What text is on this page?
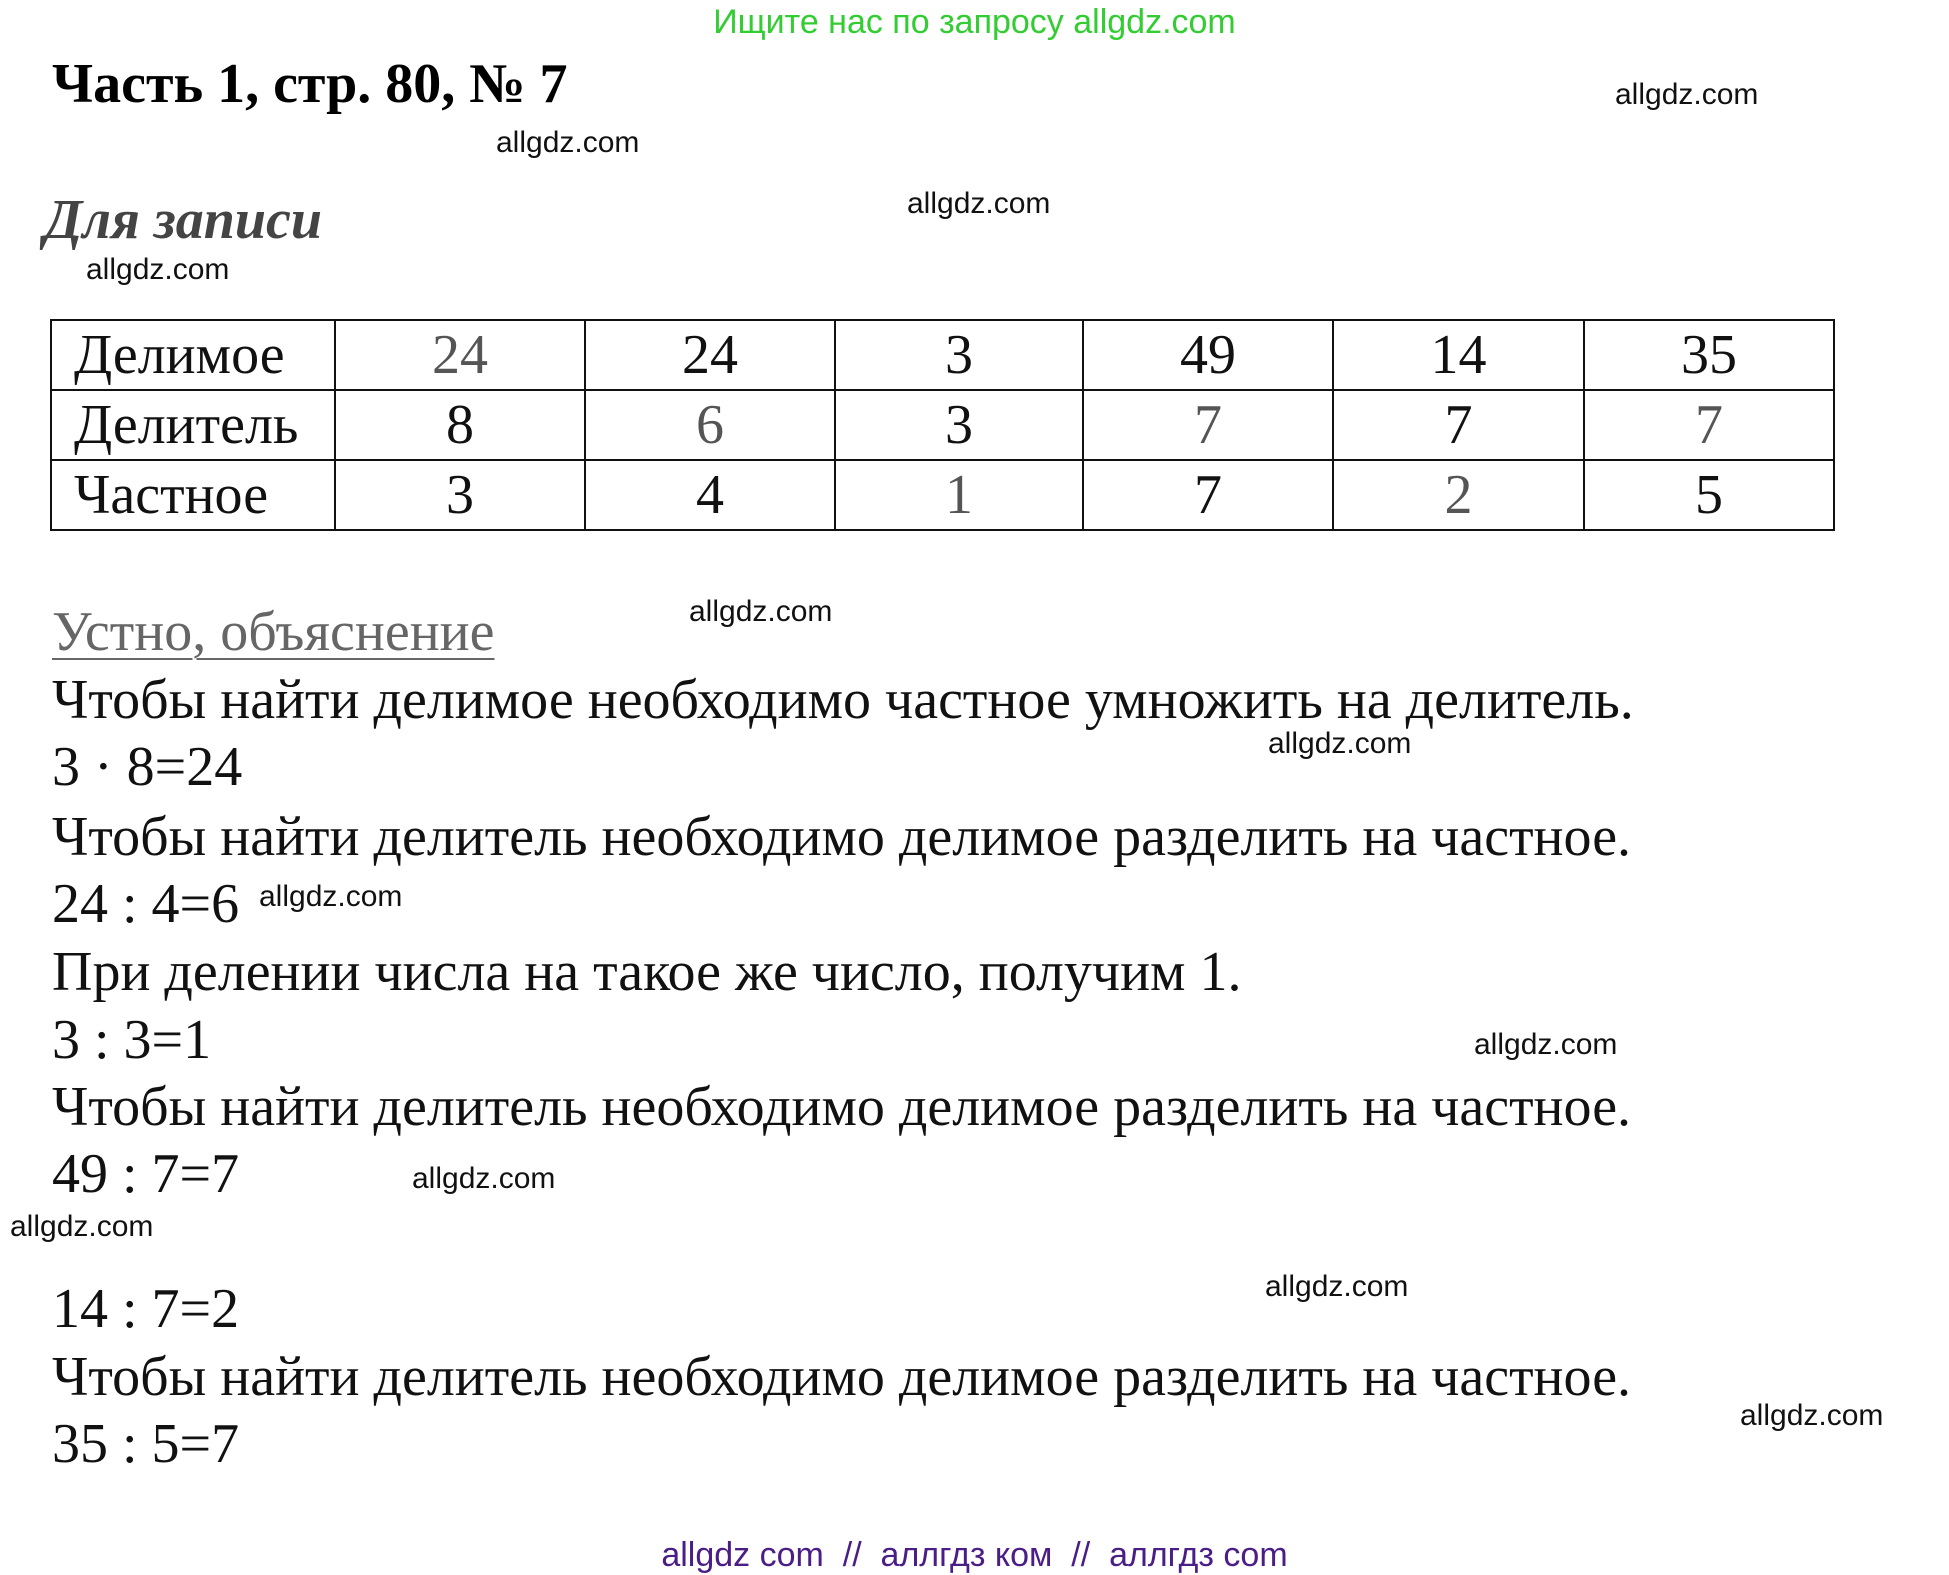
Ищите нас по запросу allgdz.com
Часть 1, стр. 80, № 7
Для записи
allgdz.com
allgdz.com
allgdz.com
allgdz.com
allgdz.com
allgdz.com
allgdz.com
allgdz.com
allgdz.com
allgdz.com
allgdz.com
allgdz.com
Делимое	24	24	3	49	14	35
Делитель	8	6	3	7	7	7
Частное	3	4	1	7	2	5
Устно, объяснение
Чтобы найти делимое необходимо частное умножить на делитель.
3 · 8=24
Чтобы найти делитель необходимо делимое разделить на частное.
24 : 4=6
При делении числа на такое же число, получим 1.
3 : 3=1
Чтобы найти делитель необходимо делимое разделить на частное.
49 : 7=7
14 : 7=2
Чтобы найти делитель необходимо делимое разделить на частное.
35 : 5=7
allgdz com  //  аллгдз ком  //  аллгдз com
